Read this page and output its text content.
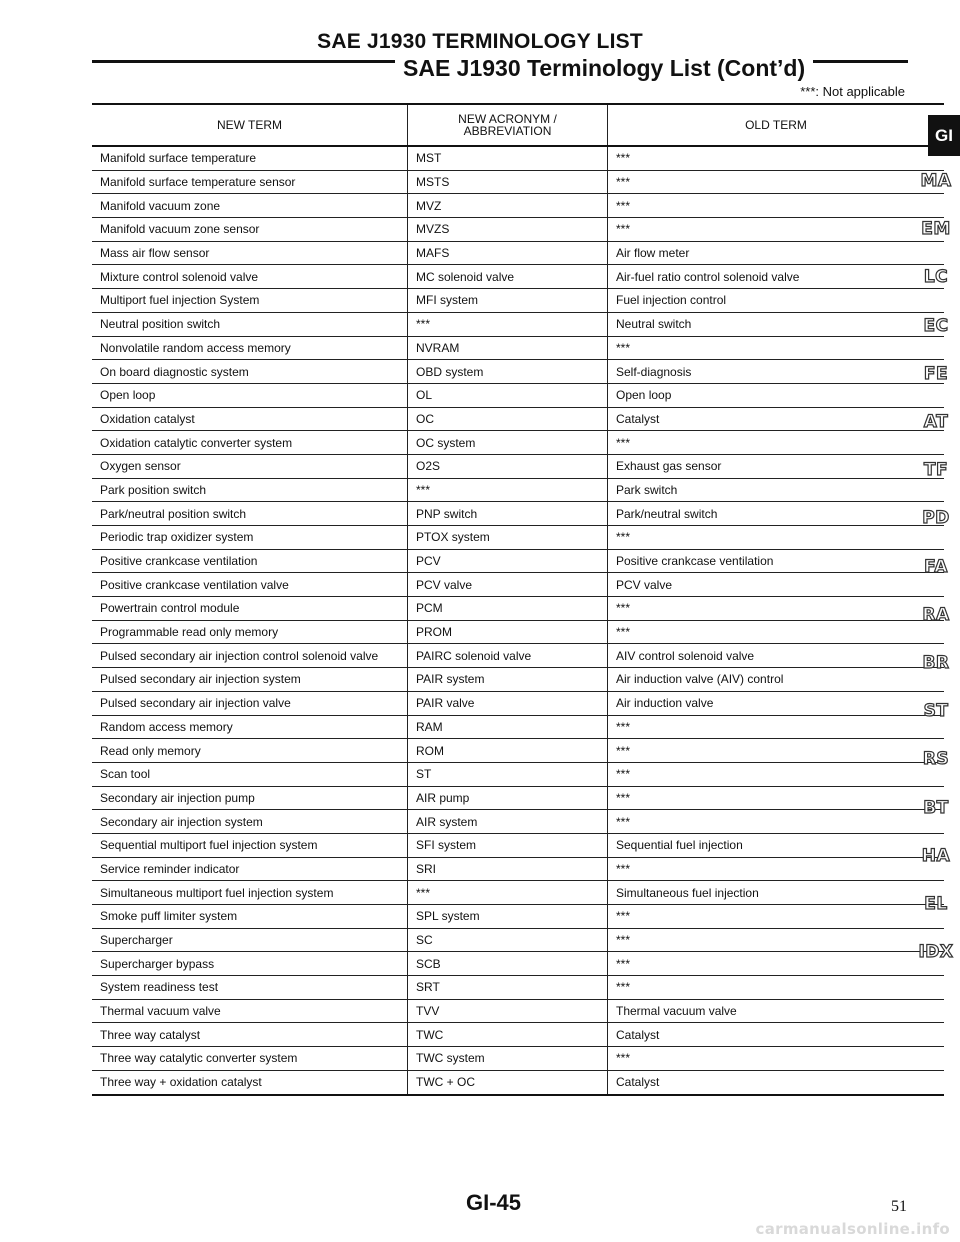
SAE J1930 TERMINOLOGY LIST
SAE J1930 Terminology List (Cont’d)
***: Not applicable
NEW TERM	NEW ACRONYM / ABBREVIATION	OLD TERM
Manifold surface temperature	MST	***
Manifold surface temperature sensor	MSTS	***
Manifold vacuum zone	MVZ	***
Manifold vacuum zone sensor	MVZS	***
Mass air flow sensor	MAFS	Air flow meter
Mixture control solenoid valve	MC solenoid valve	Air-fuel ratio control solenoid valve
Multiport fuel injection System	MFI system	Fuel injection control
Neutral position switch	***	Neutral switch
Nonvolatile random access memory	NVRAM	***
On board diagnostic system	OBD system	Self-diagnosis
Open loop	OL	Open loop
Oxidation catalyst	OC	Catalyst
Oxidation catalytic converter system	OC system	***
Oxygen sensor	O2S	Exhaust gas sensor
Park position switch	***	Park switch
Park/neutral position switch	PNP switch	Park/neutral switch
Periodic trap oxidizer system	PTOX system	***
Positive crankcase ventilation	PCV	Positive crankcase ventilation
Positive crankcase ventilation valve	PCV valve	PCV valve
Powertrain control module	PCM	***
Programmable read only memory	PROM	***
Pulsed secondary air injection control solenoid valve	PAIRC solenoid valve	AIV control solenoid valve
Pulsed secondary air injection system	PAIR system	Air induction valve (AIV) control
Pulsed secondary air injection valve	PAIR valve	Air induction valve
Random access memory	RAM	***
Read only memory	ROM	***
Scan tool	ST	***
Secondary air injection pump	AIR pump	***
Secondary air injection system	AIR system	***
Sequential multiport fuel injection system	SFI system	Sequential fuel injection
Service reminder indicator	SRI	***
Simultaneous multiport fuel injection system	***	Simultaneous fuel injection
Smoke puff limiter system	SPL system	***
Supercharger	SC	***
Supercharger bypass	SCB	***
System readiness test	SRT	***
Thermal vacuum valve	TVV	Thermal vacuum valve
Three way catalyst	TWC	Catalyst
Three way catalytic converter system	TWC system	***
Three way + oxidation catalyst	TWC + OC	Catalyst
GI
MA
EM
LC
EC
FE
AT
TF
PD
FA
RA
BR
ST
RS
BT
HA
EL
IDX
GI-45	51
carmanualsonline.info
